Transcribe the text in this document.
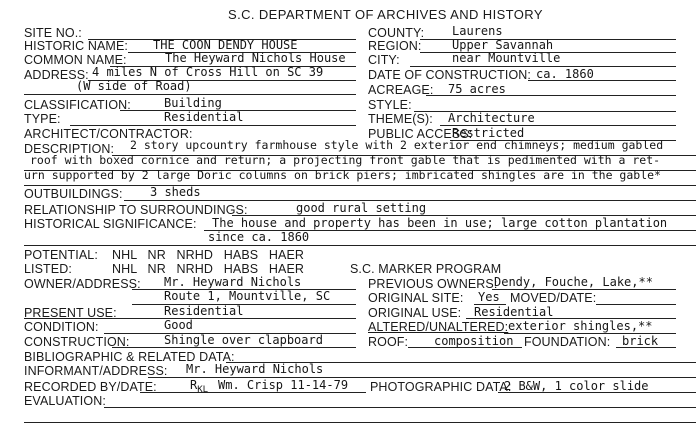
S.C. DEPARTMENT OF ARCHIVES AND HISTORY
SITE NO.:	COUNTY: Laurens
HISTORIC NAME: THE COON DENDY HOUSE	REGION:	Upper Savannah
COMMON NAME:	The Heyward Nichols House CITY:	near Mountville
ADDRESS: 4 miles N of Cross Hill on SC 39
(W side of Road)
DATE OF CONSTRUCTION: ca. 1860
ACREAGE: 75 acres
CLASSIFICATION:	Building	STYLE:
TYPE:	Residential	THEME(S): Architecture
ARCHITECT/CONTRACTOR:	PUBLIC ACCESS:
Restricted
DESCRIPTION: 2 story upcountry farmhouse style with 2 exterior end chimneys; medium gabled
roof with boxed cornice and return; a projecting front gable that is pedimented with a ret-
urn supported by 2 large Doric columns on brick piers; imbricated shingles are in the gable*
OUTBUILDINGS: 3 sheds
RELATIONSHIP TO SURROUNDINGS:	good rural setting
HISTORICAL SIGNIFICANCE: The house and property has been in use; large cotton plantation
since ca. 1860
POTENTIAL: NHL   NR   NRHD   HABS   HAER
LISTED:	NHL   NR   NRHD   HABS   HAER	S.C. MARKER PROGRAM
OWNER/ADDRESS: Mr. Heyward Nichols
Route 1, Mountville, SC
PREVIOUS OWNERS:
Dendy, Fouche, Lake,**
ORIGINAL SITE: Yes MOVED/DATE:
PRESENT USE:	Residential	ORIGINAL USE: Residential
CONDITION:	Good	ALTERED/UNALTERED: exterior shingles,**
CONSTRUCTION:	Shingle over clapboard	ROOF: composition FOUNDATION: brick
BIBLIOGRAPHIC & RELATED DATA:
INFORMANT/ADDRESS: Mr. Heyward Nichols
RECORDED BY/DATE:	$R_{KL}$ Wm. Crisp 11-14-79 PHOTOGRAPHIC DATA:
2 B&W, 1 color slide
EVALUATION:
